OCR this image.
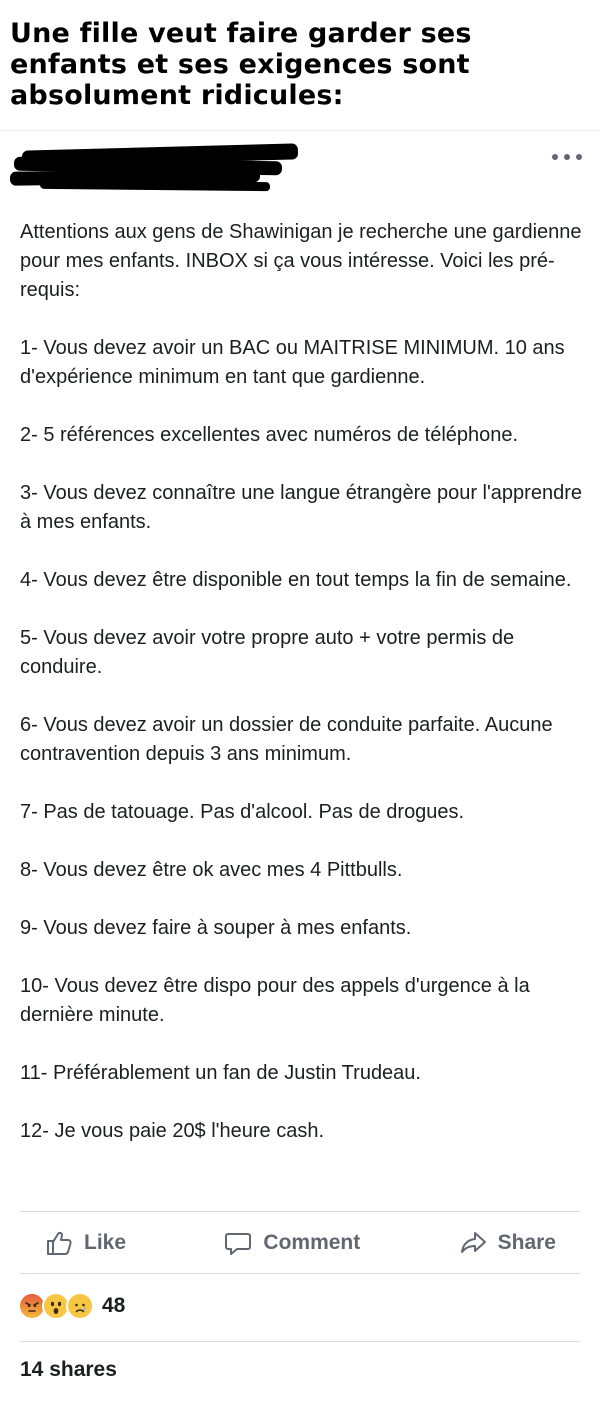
Une fille veut faire garder ses enfants et ses exigences sont absolument ridicules:

Attentions aux gens de Shawinigan je recherche une gardienne pour mes enfants. INBOX si ça vous intéresse. Voici les pré-requis:

1- Vous devez avoir un BAC ou MAITRISE MINIMUM. 10 ans d'expérience minimum en tant que gardienne.

2- 5 références excellentes avec numéros de téléphone.

3- Vous devez connaître une langue étrangère pour l'apprendre à mes enfants.

4- Vous devez être disponible en tout temps la fin de semaine.

5- Vous devez avoir votre propre auto + votre permis de conduire.

6- Vous devez avoir un dossier de conduite parfaite. Aucune contravention depuis 3 ans minimum.

7- Pas de tatouage. Pas d'alcool. Pas de drogues.

8- Vous devez être ok avec mes 4 Pittbulls.

9- Vous devez faire à souper à mes enfants.

10- Vous devez être dispo pour des appels d'urgence à la dernière minute.

11- Préférablement un fan de Justin Trudeau.

12- Je vous paie 20$ l'heure cash.

Like	Comment	Share
48
14 shares
